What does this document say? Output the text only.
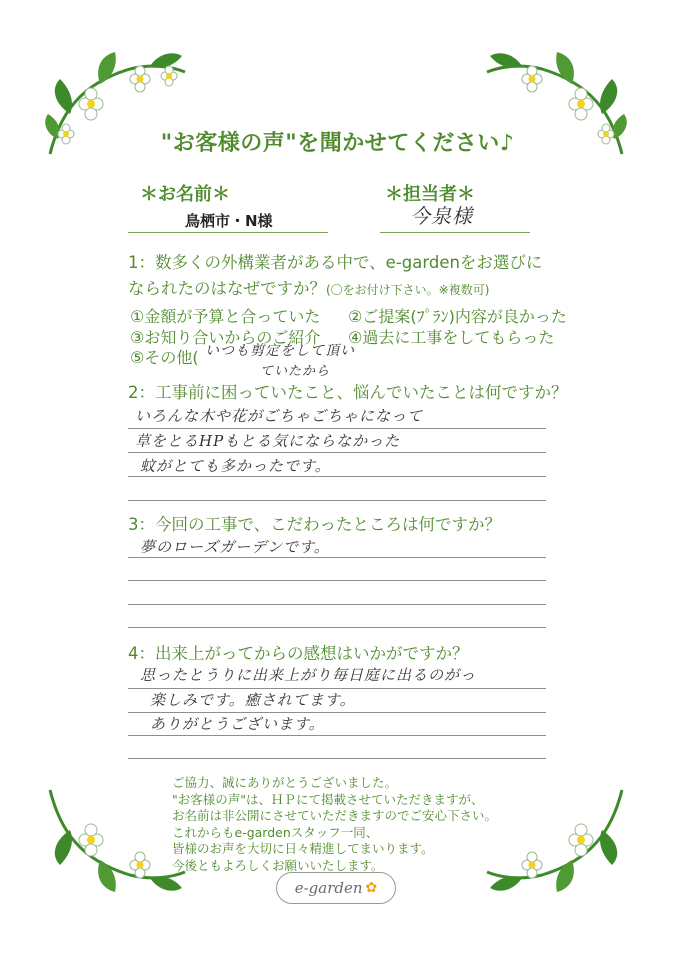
"お客様の声"を聞かせてください♪
＊お名前＊
鳥栖市・N様
＊担当者＊
今泉様
1：数多くの外構業者がある中で、e-gardenをお選びに
なられたのはなぜですか？(〇をお付け下さい。※複数可)
①金額が予算と合っていた ②ご提案(ﾌﾟﾗﾝ)内容が良かった
③お知り合いからのご紹介 ④過去に工事をしてもらった
⑤その他( いつも剪定をして頂い
ていたから
2：工事前に困っていたこと、悩んでいたことは何ですか？
いろんな木や花がごちゃごちゃになって
草をとるHPもとる気にならなかった
蚊がとても多かったです。
3：今回の工事で、こだわったところは何ですか？
夢のローズガーデンです。
4：出来上がってからの感想はいかがですか？
思ったとうりに出来上がり毎日庭に出るのがっ
楽しみです。癒されてます。
ありがとうございます。
ご協力、誠にありがとうございました。
"お客様の声"は、ＨＰにて掲載させていただきますが、
お名前は非公開にさせていただきますのでご安心下さい。
これからもe-gardenスタッフ一同、
皆様のお声を大切に日々精進してまいります。
今後ともよろしくお願いいたします。
e-garden ✿
